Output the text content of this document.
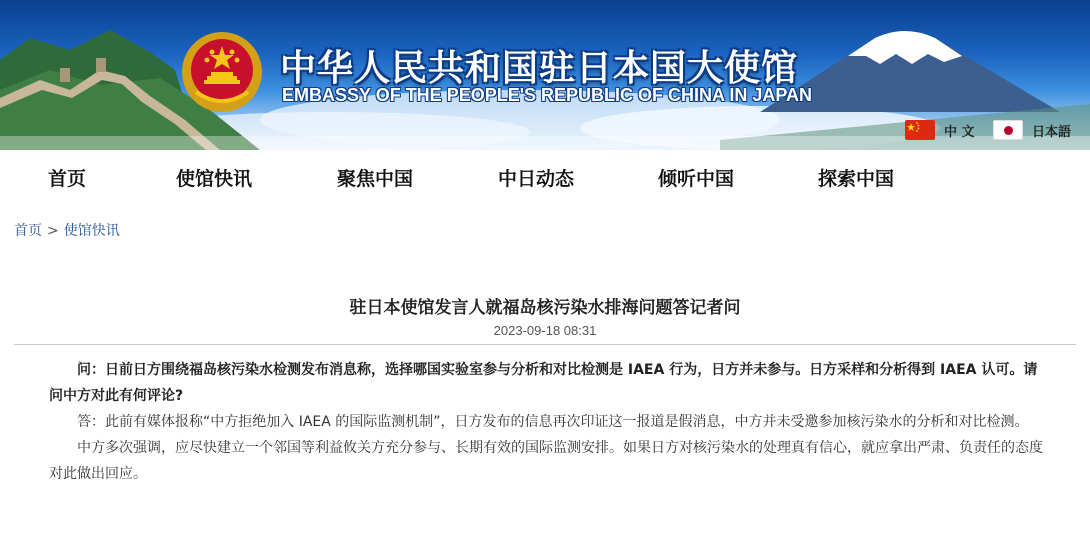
中华人民共和国驻日本国大使馆
EMBASSY OF THE PEOPLE'S REPUBLIC OF CHINA IN JAPAN
中 文	日本語
首页	使馆快讯	聚焦中国	中日动态	倾听中国	探索中国
首页 > 使馆快讯
驻日本使馆发言人就福岛核污染水排海问题答记者问
2023-09-18 08:31

问：日前日方围绕福岛核污染水检测发布消息称，选择哪国实验室参与分析和对比检测是 IAEA 行为，日方并未参与。日方采样和分析得到 IAEA 认可。请问中方对此有何评论?

答：此前有媒体报称“中方拒绝加入 IAEA 的国际监测机制”，日方发布的信息再次印证这一报道是假消息，中方并未受邀参加核污染水的分析和对比检测。

中方多次强调，应尽快建立一个邻国等利益攸关方充分参与、长期有效的国际监测安排。如果日方对核污染水的处理真有信心，就应拿出严肃、负责任的态度对此做出回应。
